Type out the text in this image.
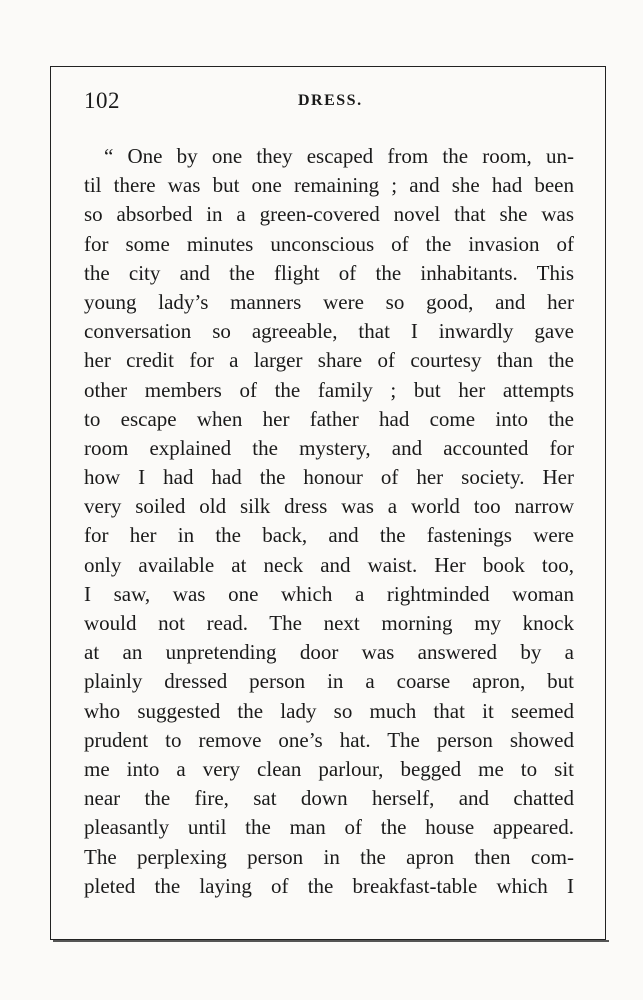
102	DRESS.
“ One by one they escaped from the room, un-
til there was but one remaining ; and she had been
so absorbed in a green-covered novel that she was
for some minutes unconscious of the invasion of
the city and the flight of the inhabitants. This
young lady’s manners were so good, and her
conversation so agreeable, that I inwardly gave
her credit for a larger share of courtesy than the
other members of the family ; but her attempts
to escape when her father had come into the
room explained the mystery, and accounted for
how I had had the honour of her society. Her
very soiled old silk dress was a world too narrow
for her in the back, and the fastenings were
only available at neck and waist. Her book too,
I saw, was one which a rightminded woman
would not read. The next morning my knock
at an unpretending door was answered by a
plainly dressed person in a coarse apron, but
who suggested the lady so much that it seemed
prudent to remove one’s hat. The person showed
me into a very clean parlour, begged me to sit
near the fire, sat down herself, and chatted
pleasantly until the man of the house appeared.
The perplexing person in the apron then com-
pleted the laying of the breakfast-table which I
